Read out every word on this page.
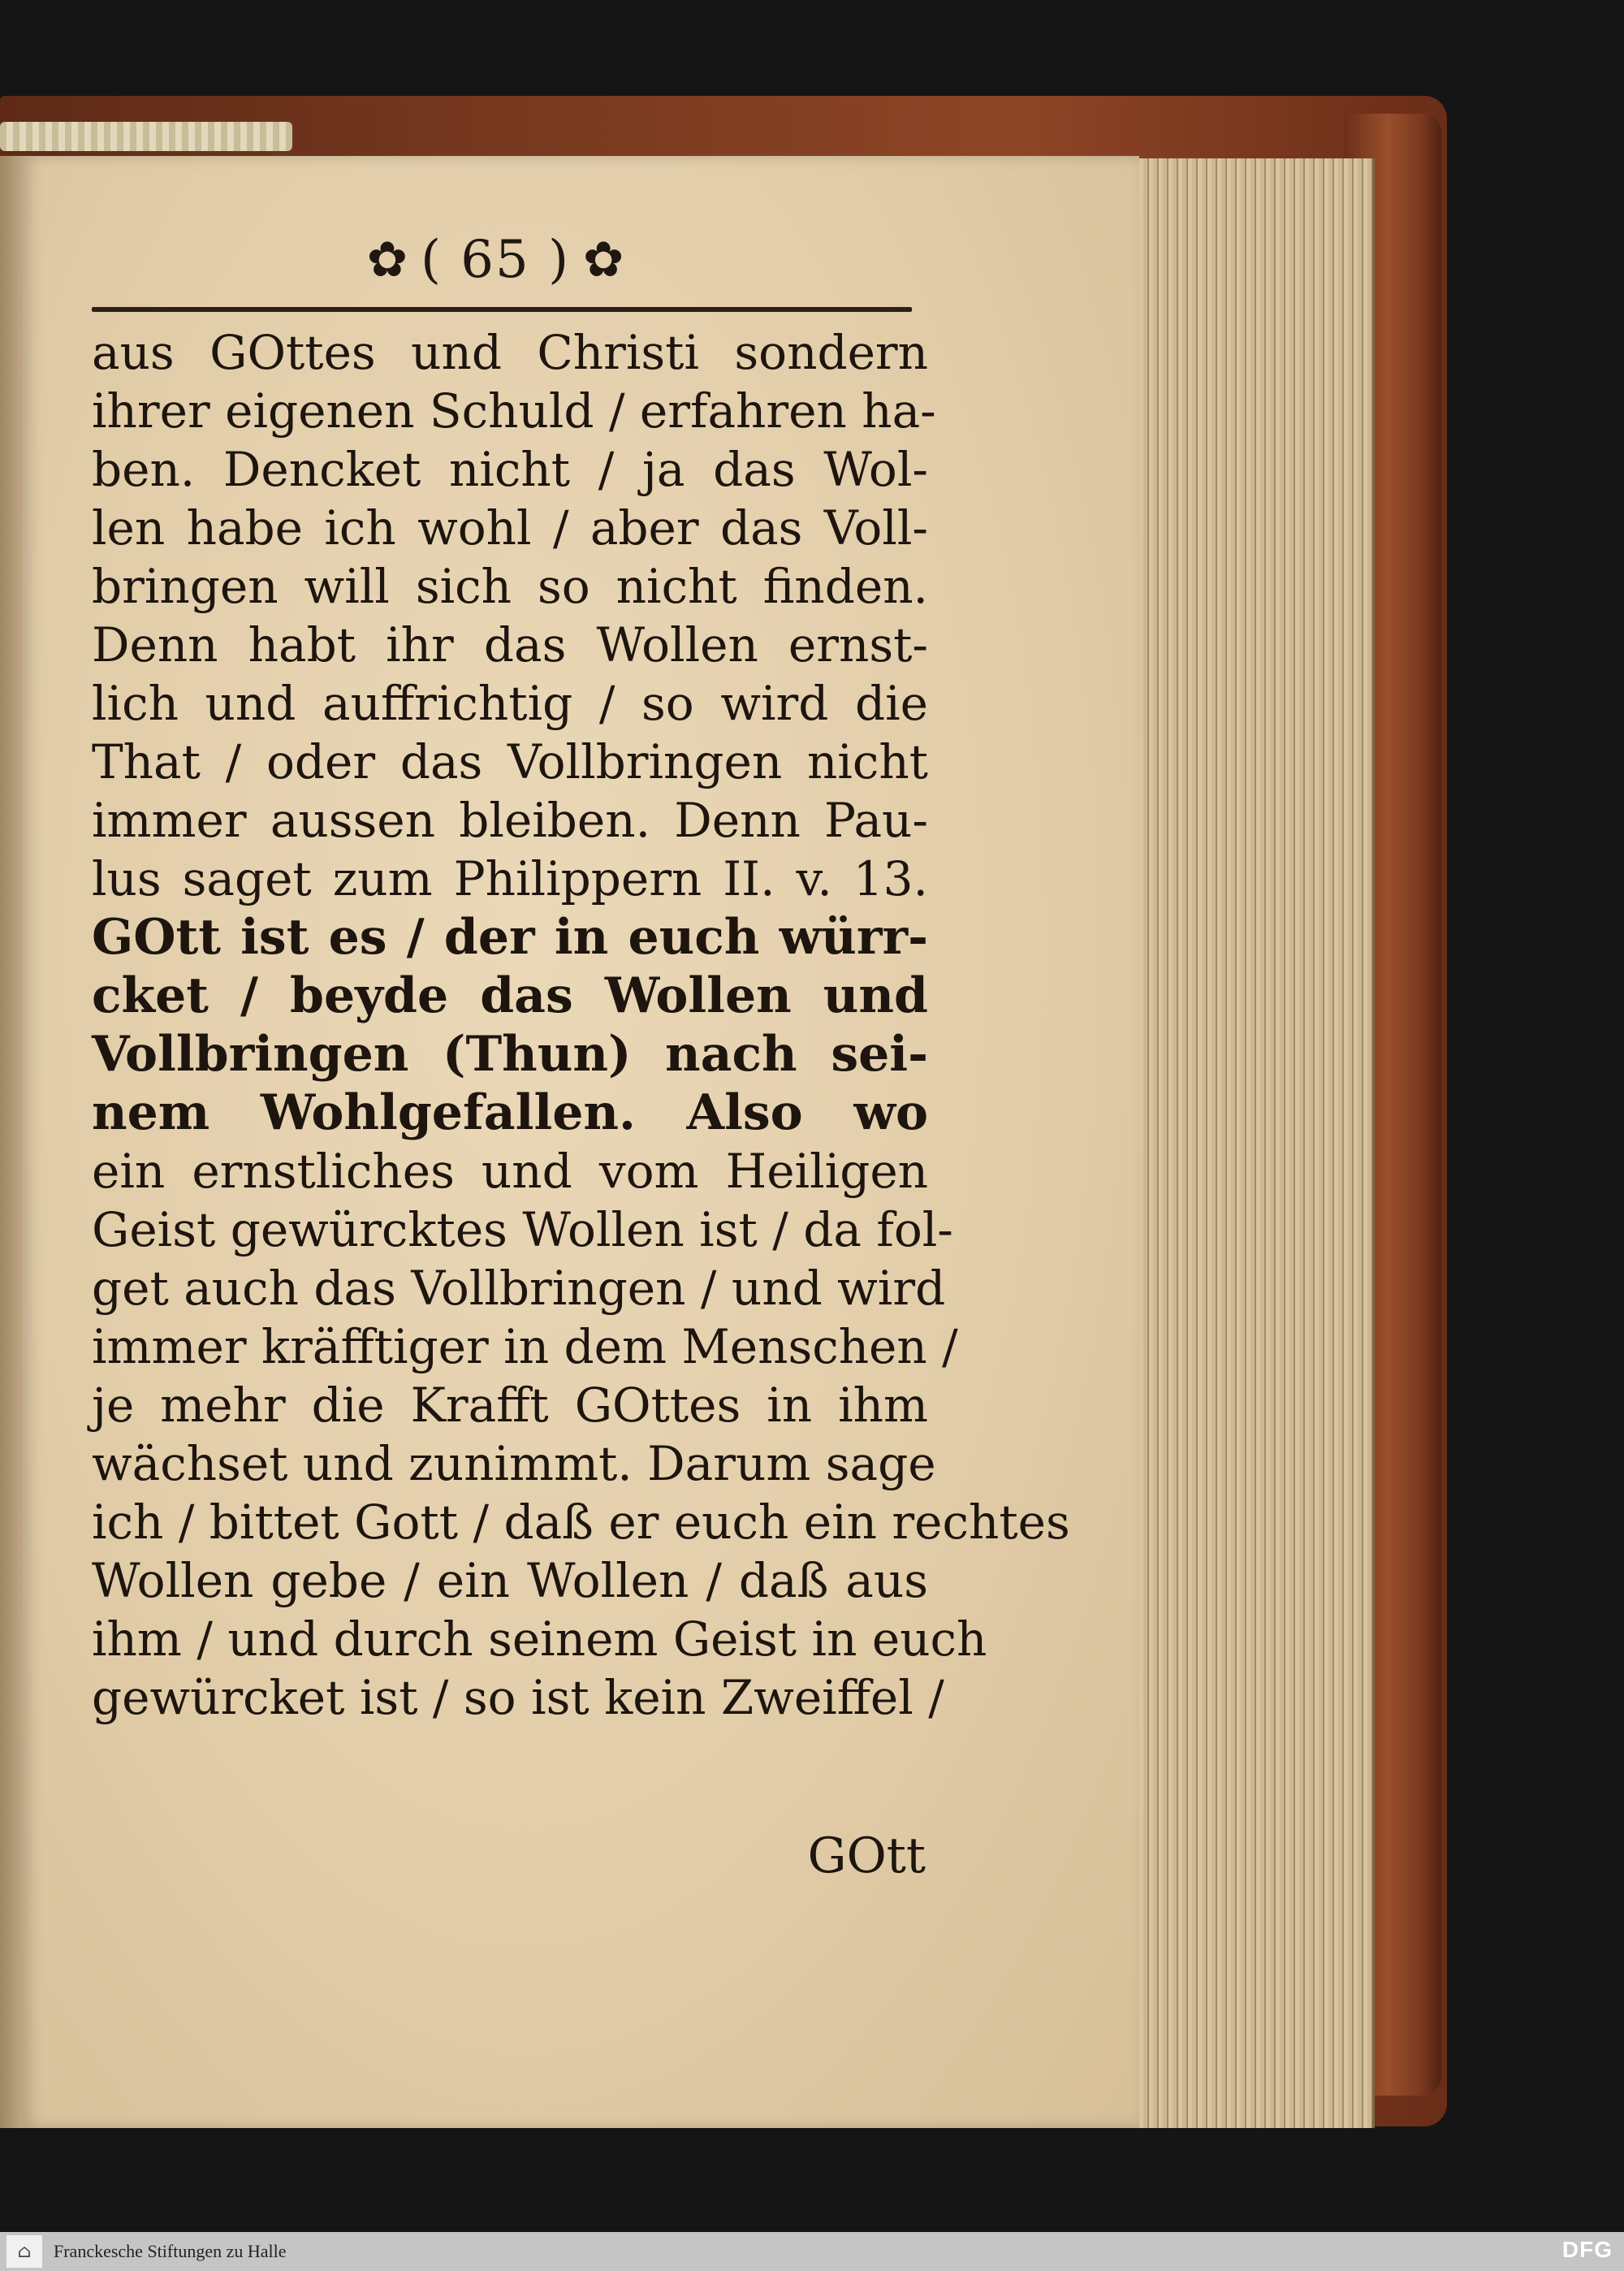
✿ ( 65 ) ✿
aus GOttes und Christi sondern
ihrer eigenen Schuld / erfahren ha-
ben. Dencket nicht / ja das Wol-
len habe ich wohl / aber das Voll-
bringen will sich so nicht finden.
Denn habt ihr das Wollen ernst-
lich und auffrichtig / so wird die
That / oder das Vollbringen nicht
immer aussen bleiben. Denn Pau-
lus saget zum Philippern II. v. 13.
GOtt ist es / der in euch würr-
cket / beyde das Wollen und
Vollbringen (Thun) nach sei-
nem Wohlgefallen. Also wo
ein ernstliches und vom Heiligen
Geist gewürcktes Wollen ist / da fol-
get auch das Vollbringen / und wird
immer kräfftiger in dem Menschen /
je mehr die Krafft GOttes in ihm
wächset und zunimmt. Darum sage
ich / bittet Gott / daß er euch ein rechtes
Wollen gebe / ein Wollen / daß aus
ihm / und durch seinem Geist in euch
gewürcket ist / so ist kein Zweiffel /
GOtt
⌂ Franckesche Stiftungen zu Halle	DFG
